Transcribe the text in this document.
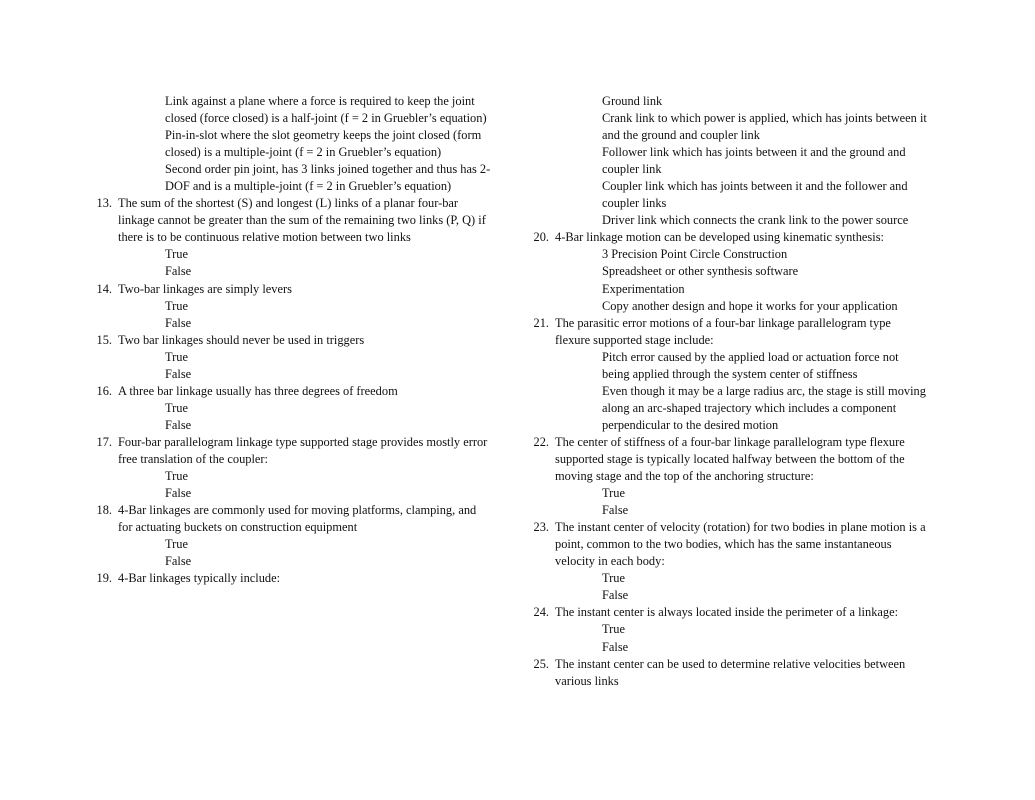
Link against a plane where a force is required to keep the joint
closed (force closed) is a half-joint (f = 2 in Gruebler’s equation)
Pin-in-slot where the slot geometry keeps the joint closed (form
closed) is a multiple-joint (f = 2 in Gruebler’s equation)
Second order pin joint, has 3 links joined together and thus has 2-
DOF and is a multiple-joint (f = 2 in Gruebler’s equation)
13. The sum of the shortest (S) and longest (L) links of a planar four-bar
linkage cannot be greater than the sum of the remaining two links (P, Q) if
there is to be continuous relative motion between two links
True
False
14. Two-bar linkages are simply levers
True
False
15. Two bar linkages should never be used in triggers
True
False
16. A three bar linkage usually has three degrees of freedom
True
False
17. Four-bar parallelogram linkage type supported stage provides mostly error
free translation of the coupler:
True
False
18. 4-Bar linkages are commonly used for moving platforms, clamping, and
for actuating buckets on construction equipment
True
False
19. 4-Bar linkages typically include:
Ground link
Crank link to which power is applied, which has joints between it
and the ground and coupler link
Follower link which has joints between it and the ground and
coupler link
Coupler link which has joints between it and the follower and
coupler links
Driver link which connects the crank link to the power source
20. 4-Bar linkage motion can be developed using kinematic synthesis:
3 Precision Point Circle Construction
Spreadsheet or other synthesis software
Experimentation
Copy another design and hope it works for your application
21. The parasitic error motions of a four-bar linkage parallelogram type
flexure supported stage include:
Pitch error caused by the applied load or actuation force not
being applied through the system center of stiffness
Even though it may be a large radius arc, the stage is still moving
along an arc-shaped trajectory which includes a component
perpendicular to the desired motion
22. The center of stiffness of a four-bar linkage parallelogram type flexure
supported stage is typically located halfway between the bottom of the
moving stage and the top of the anchoring structure:
True
False
23. The instant center of velocity (rotation) for two bodies in plane motion is a
point, common to the two bodies, which has the same instantaneous
velocity in each body:
True
False
24. The instant center is always located inside the perimeter of a linkage:
True
False
25. The instant center can be used to determine relative velocities between
various links
